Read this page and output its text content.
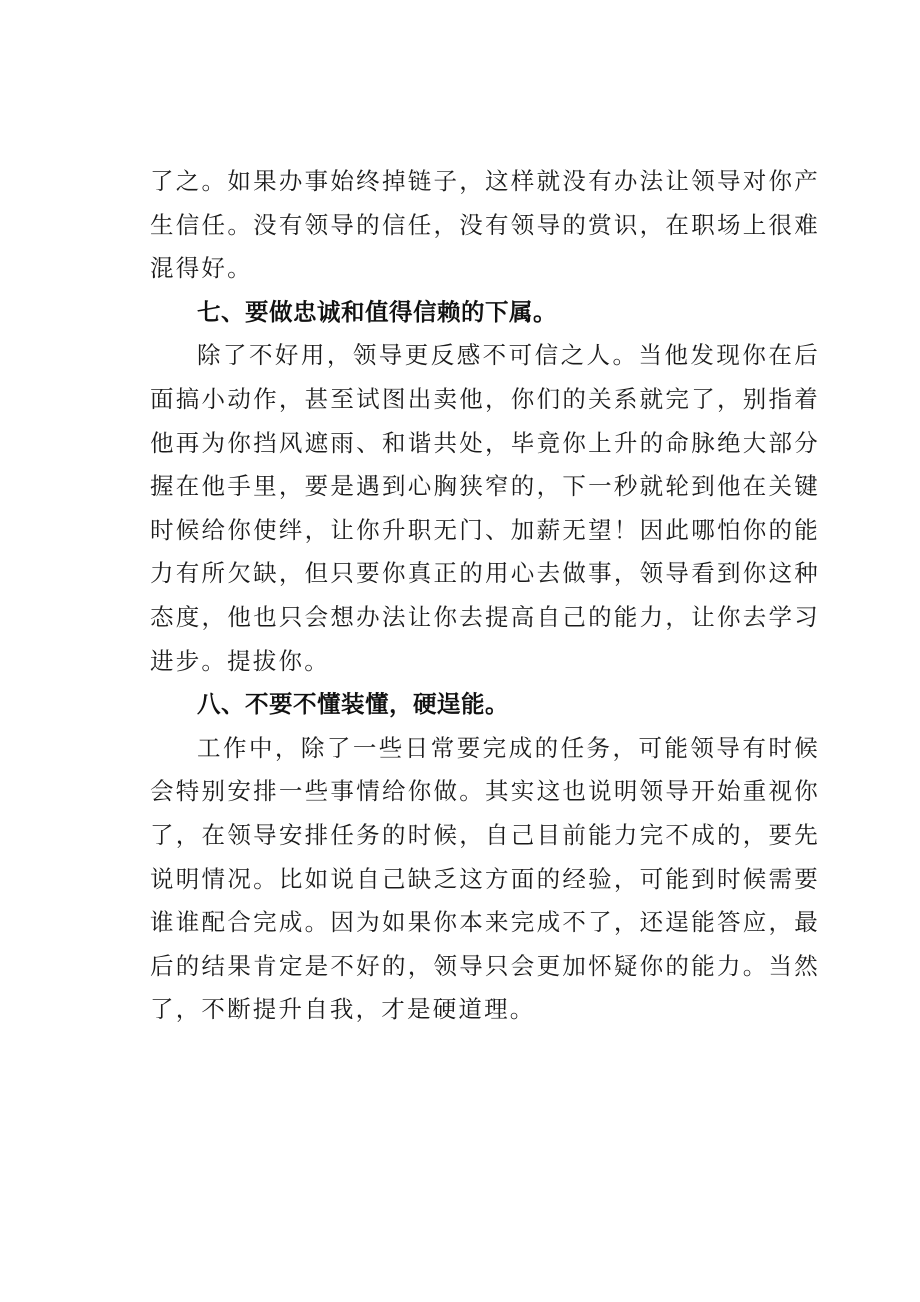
了之。如果办事始终掉链子，这样就没有办法让领导对你产生信任。没有领导的信任，没有领导的赏识，在职场上很难混得好。

七、要做忠诚和值得信赖的下属。

除了不好用，领导更反感不可信之人。当他发现你在后面搞小动作，甚至试图出卖他，你们的关系就完了，别指着他再为你挡风遮雨、和谐共处，毕竟你上升的命脉绝大部分握在他手里，要是遇到心胸狭窄的，下一秒就轮到他在关键时候给你使绊，让你升职无门、加薪无望！因此哪怕你的能力有所欠缺，但只要你真正的用心去做事，领导看到你这种态度，他也只会想办法让你去提高自己的能力，让你去学习进步。提拔你。

八、不要不懂装懂，硬逞能。

工作中，除了一些日常要完成的任务，可能领导有时候会特别安排一些事情给你做。其实这也说明领导开始重视你了，在领导安排任务的时候，自己目前能力完不成的，要先说明情况。比如说自己缺乏这方面的经验，可能到时候需要谁谁配合完成。因为如果你本来完成不了，还逞能答应，最后的结果肯定是不好的，领导只会更加怀疑你的能力。当然了，不断提升自我，才是硬道理。
